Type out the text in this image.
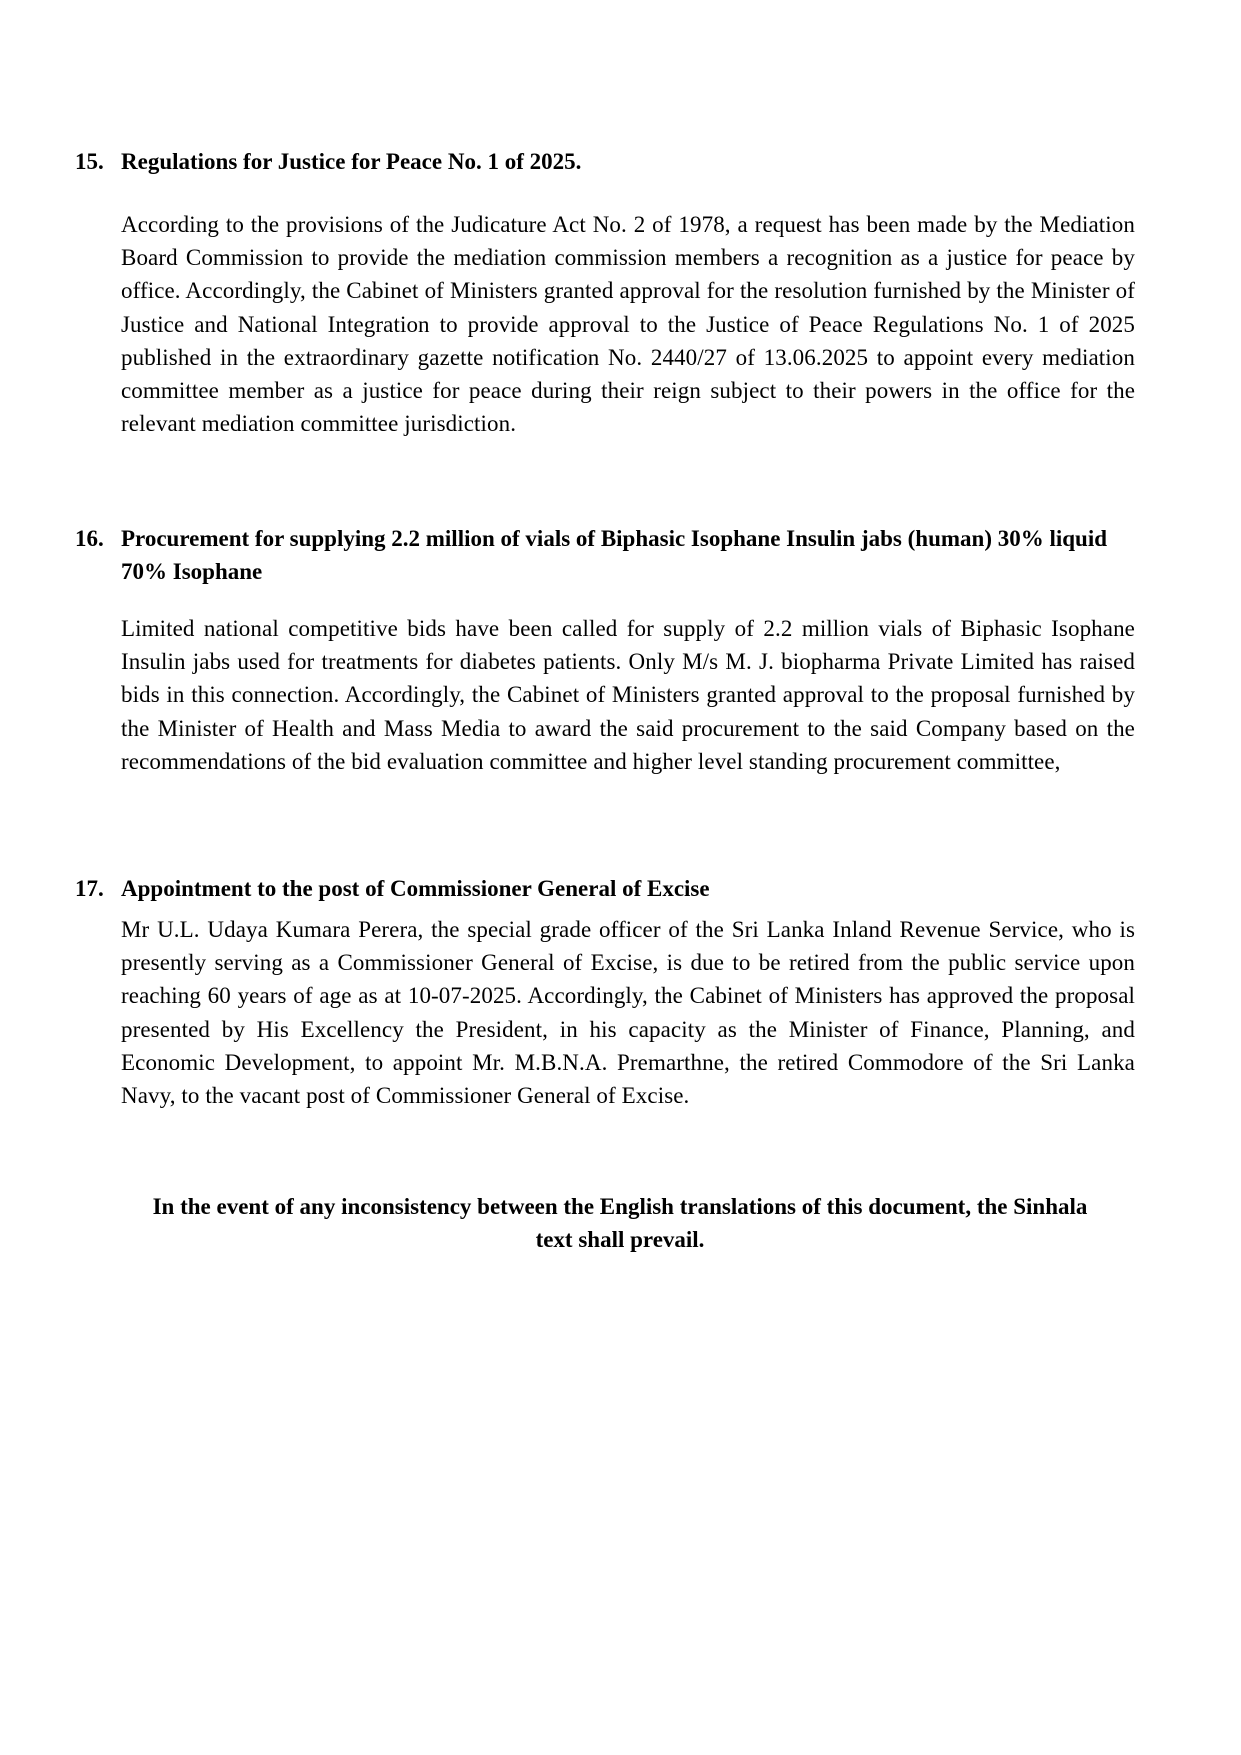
15. Regulations for Justice for Peace No. 1 of 2025.
According to the provisions of the Judicature Act No. 2 of 1978, a request has been made by the Mediation Board Commission to provide the mediation commission members a recognition as a justice for peace by office. Accordingly, the Cabinet of Ministers granted approval for the resolution furnished by the Minister of Justice and National Integration to provide approval to the Justice of Peace Regulations No. 1 of 2025 published in the extraordinary gazette notification No. 2440/27 of 13.06.2025 to appoint every mediation committee member as a justice for peace during their reign subject to their powers in the office for the relevant mediation committee jurisdiction.
16. Procurement for supplying 2.2 million of vials of Biphasic Isophane Insulin jabs (human) 30% liquid 70% Isophane
Limited national competitive bids have been called for supply of 2.2 million vials of Biphasic Isophane Insulin jabs used for treatments for diabetes patients. Only M/s M. J. biopharma Private Limited has raised bids in this connection. Accordingly, the Cabinet of Ministers granted approval to the proposal furnished by the Minister of Health and Mass Media to award the said procurement to the said Company based on the recommendations of the bid evaluation committee and higher level standing procurement committee,
17. Appointment to the post of Commissioner General of Excise
Mr U.L. Udaya Kumara Perera, the special grade officer of the Sri Lanka Inland Revenue Service, who is presently serving as a Commissioner General of Excise, is due to be retired from the public service upon reaching 60 years of age as at 10-07-2025. Accordingly, the Cabinet of Ministers has approved the proposal presented by His Excellency the President, in his capacity as the Minister of Finance, Planning, and Economic Development, to appoint Mr. M.B.N.A. Premarthne, the retired Commodore of the Sri Lanka Navy, to the vacant post of Commissioner General of Excise.
In the event of any inconsistency between the English translations of this document, the Sinhala text shall prevail.
